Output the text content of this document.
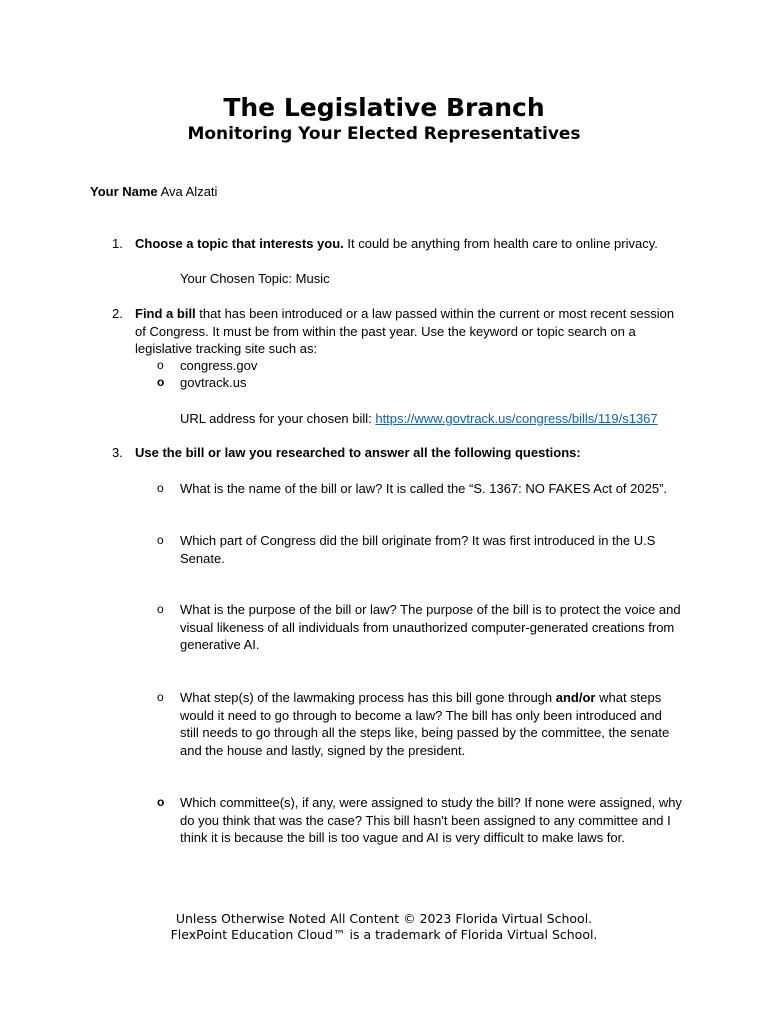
The Legislative Branch
Monitoring Your Elected Representatives
Your Name Ava Alzati
1. Choose a topic that interests you. It could be anything from health care to online privacy.
Your Chosen Topic: Music
2. Find a bill that has been introduced or a law passed within the current or most recent session of Congress. It must be from within the past year. Use the keyword or topic search on a legislative tracking site such as:
o	congress.gov
o	govtrack.us
URL address for your chosen bill: https://www.govtrack.us/congress/bills/119/s1367
3. Use the bill or law you researched to answer all the following questions:
o	What is the name of the bill or law? It is called the “S. 1367: NO FAKES Act of 2025”.
o	Which part of Congress did the bill originate from? It was first introduced in the U.S Senate.
o	What is the purpose of the bill or law? The purpose of the bill is to protect the voice and visual likeness of all individuals from unauthorized computer-generated creations from generative AI.
o	What step(s) of the lawmaking process has this bill gone through and/or what steps would it need to go through to become a law? The bill has only been introduced and still needs to go through all the steps like, being passed by the committee, the senate and the house and lastly, signed by the president.
o	Which committee(s), if any, were assigned to study the bill? If none were assigned, why do you think that was the case? This bill hasn't been assigned to any committee and I think it is because the bill is too vague and AI is very difficult to make laws for.
Unless Otherwise Noted All Content © 2023 Florida Virtual School.
FlexPoint Education Cloud™ is a trademark of Florida Virtual School.
